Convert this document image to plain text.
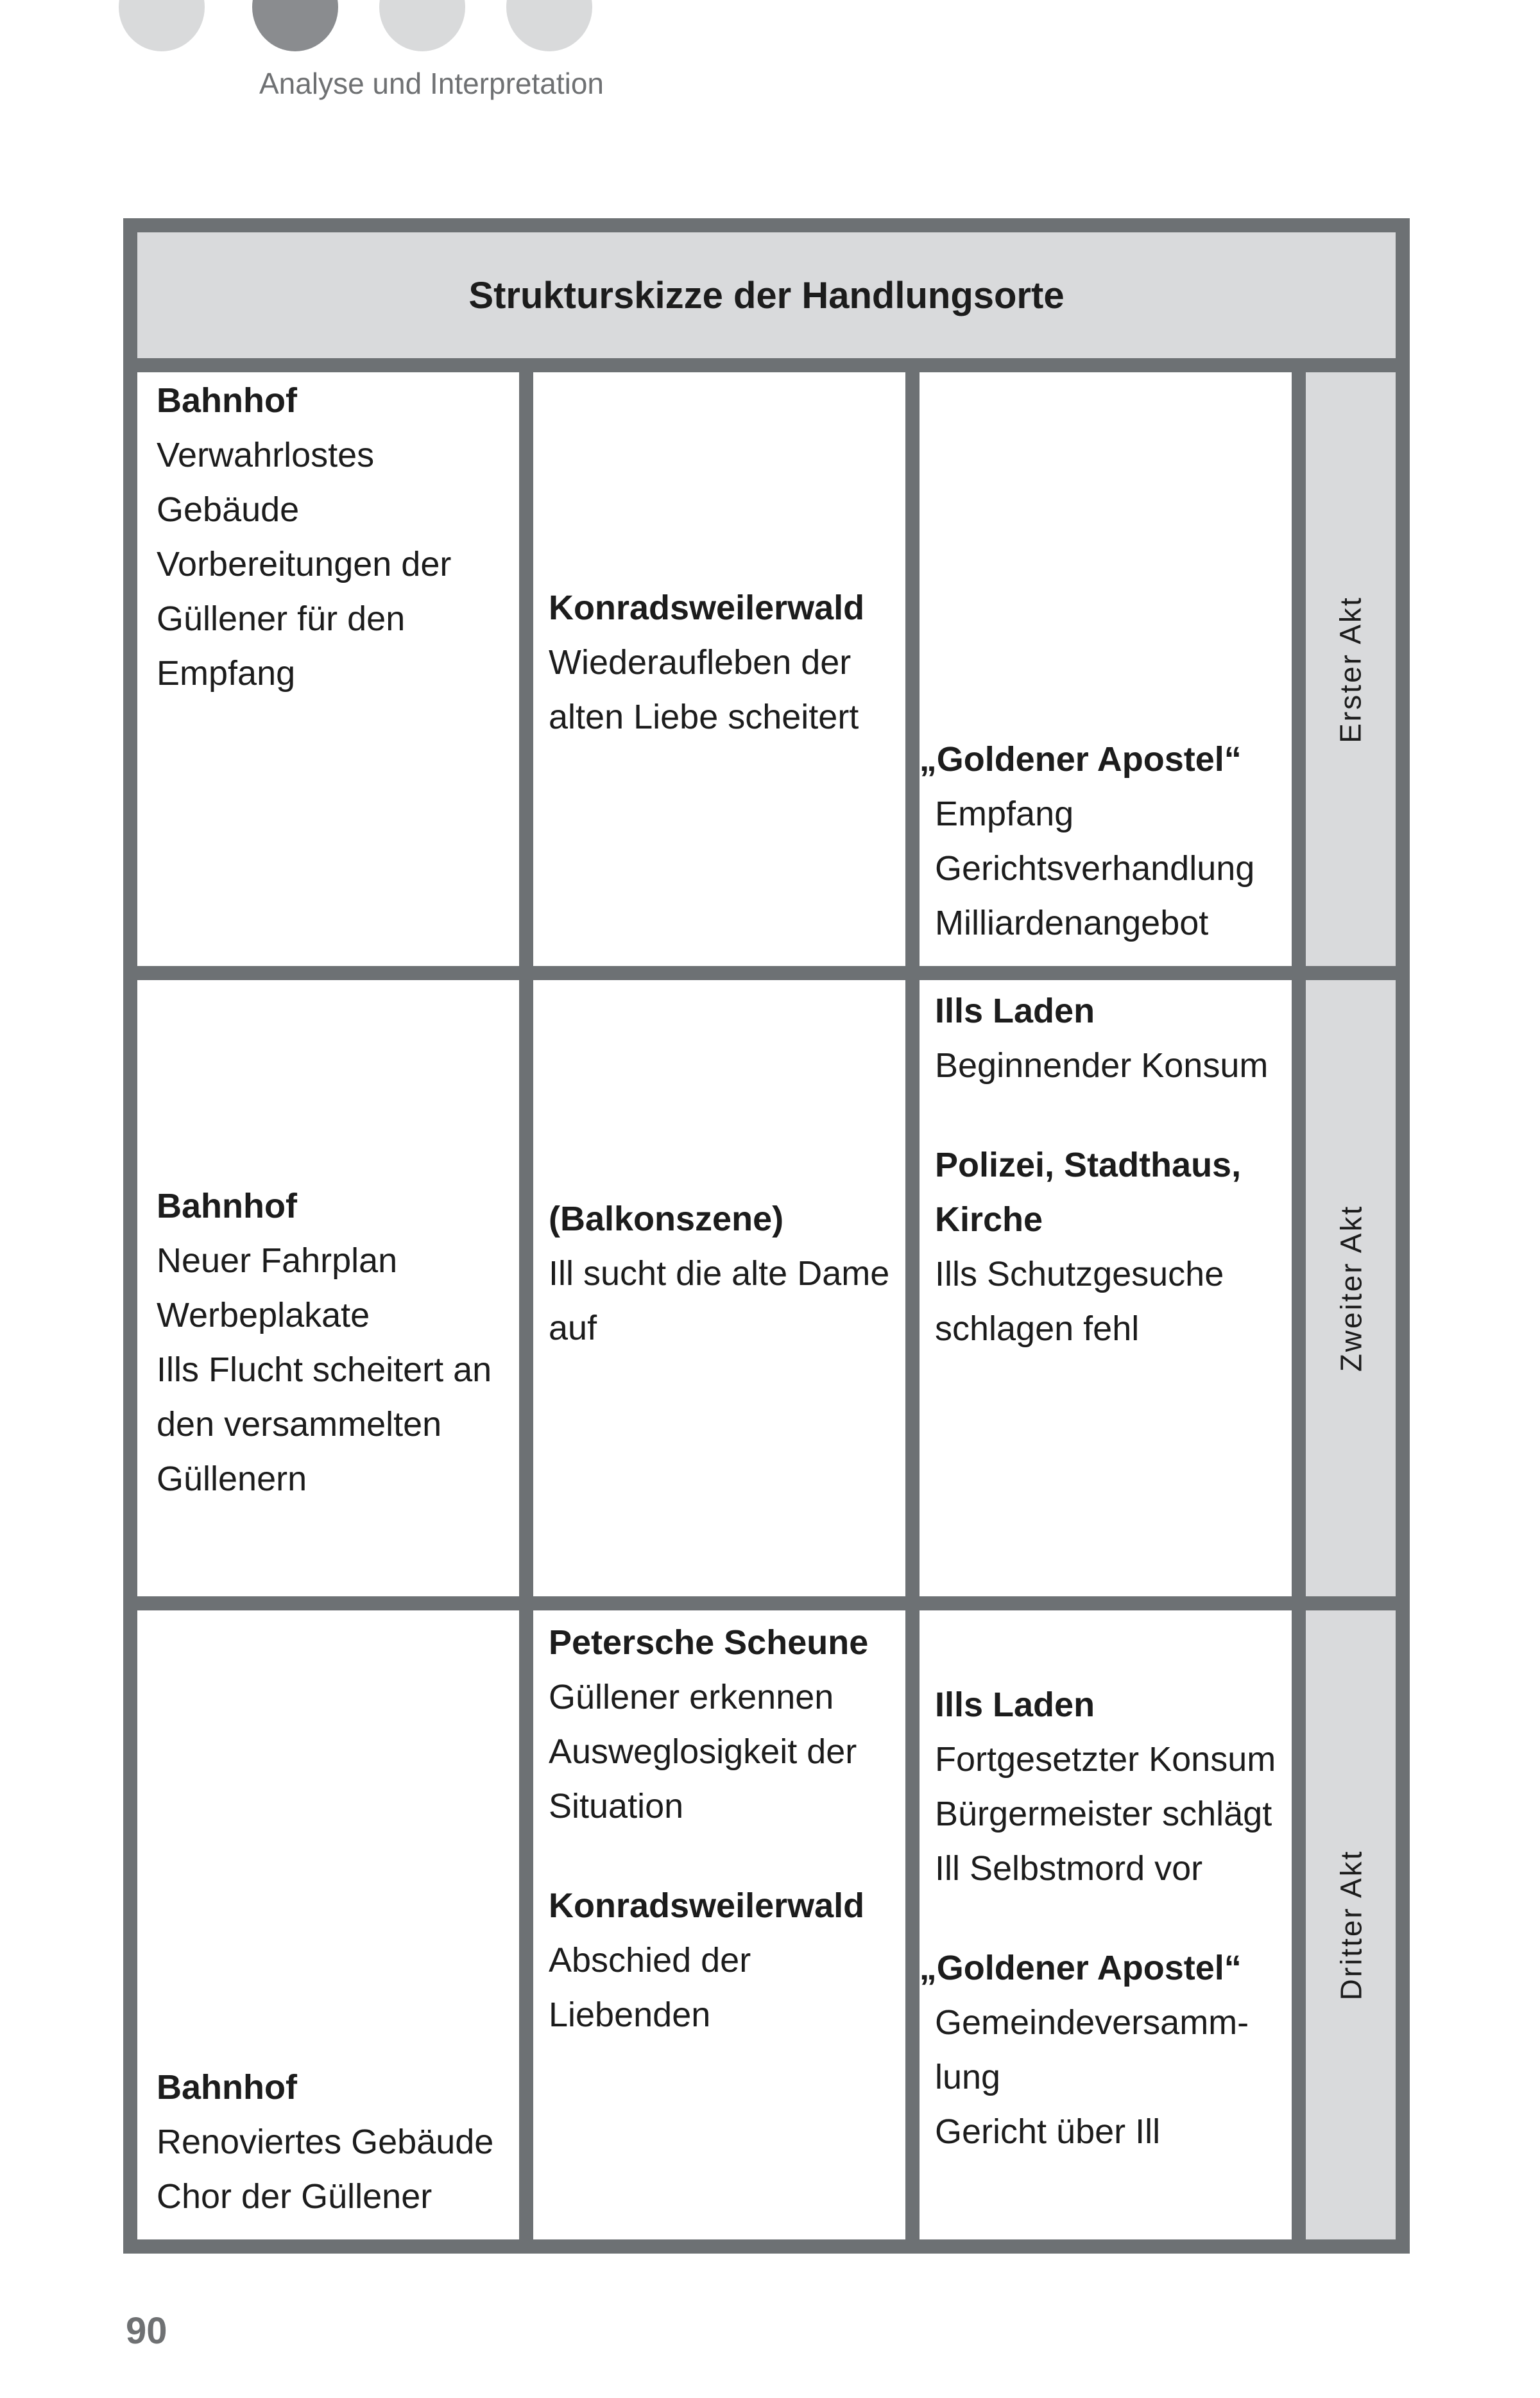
Analyse und Interpretation
Strukturskizze der Handlungsorte
Bahnhof
Verwahrlostes
Gebäude
Vorbereitungen der
Güllener für den
Empfang
Konradsweilerwald
Wiederaufleben der
alten Liebe scheitert
„Goldener Apostel“
Empfang
Gerichtsverhandlung
Milliardenangebot
Erster Akt
Bahnhof
Neuer Fahrplan
Werbeplakate
Ills Flucht scheitert an
den versammelten
Güllenern
(Balkonszene)
Ill sucht die alte Dame
auf
Ills Laden
Beginnender Konsum
Polizei, Stadthaus,
Kirche
Ills Schutzgesuche
schlagen fehl	Zweiter Akt
Bahnhof
Renoviertes Gebäude
Chor der Güllener
Petersche Scheune
Güllener erkennen
Ausweglosigkeit der
Situation
Konradsweilerwald
Abschied der
Liebenden
Ills Laden
Fortgesetzter Konsum
Bürgermeister schlägt
Ill Selbstmord vor
„Goldener Apostel“
Gemeindeversamm-
lung
Gericht über Ill
Dritter Akt
90
